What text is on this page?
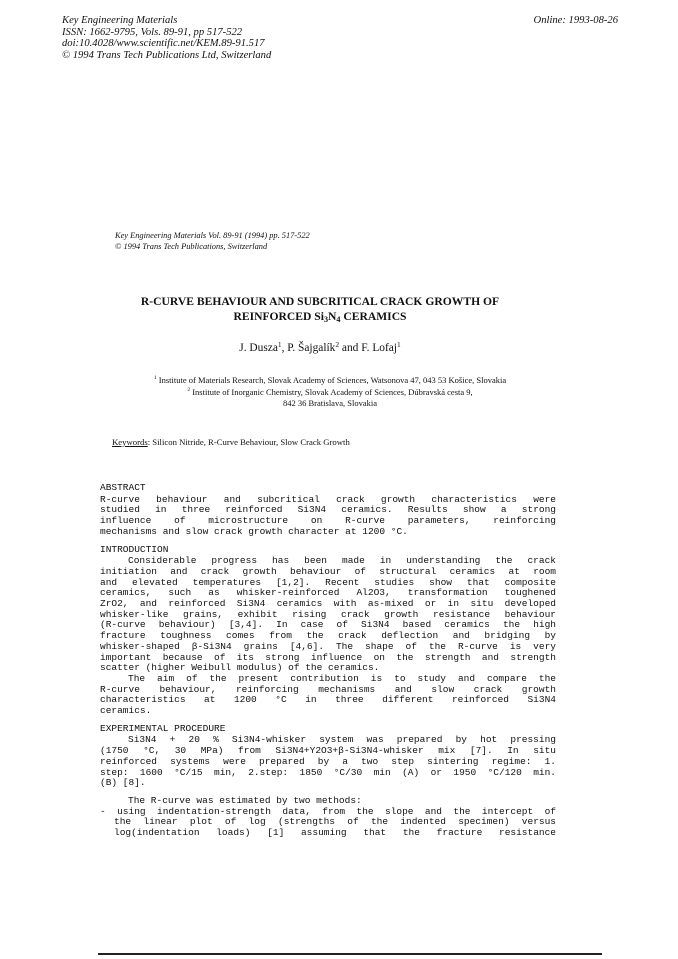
Key Engineering Materials
ISSN: 1662-9795, Vols. 89-91, pp 517-522
doi:10.4028/www.scientific.net/KEM.89-91.517
© 1994 Trans Tech Publications Ltd, Switzerland
Online: 1993-08-26
Key Engineering Materials Vol. 89-91 (1994) pp. 517-522
© 1994 Trans Tech Publications, Switzerland
R-CURVE BEHAVIOUR AND SUBCRITICAL CRACK GROWTH OF
REINFORCED $Si_3N_4$ CERAMICS
J. Dusza$^1$, P. Šajgalík$^2$ and F. Lofaj$^1$
$^1$ Institute of Materials Research, Slovak Academy of Sciences, Watsonova 47, 043 53 Košice, Slovakia
$^2$ Institute of Inorganic Chemistry, Slovak Academy of Sciences, Dúbravská cesta 9,
842 36 Bratislava, Slovakia
Keywords: Silicon Nitride, R-Curve Behaviour, Slow Crack Growth
ABSTRACT
R-curve behaviour and subcritical crack growth characteristics were
studied in three reinforced Si3N4 ceramics. Results show a strong
influence of microstructure on R-curve parameters, reinforcing
mechanisms and slow crack growth character at 1200 °C.
INTRODUCTION
Considerable progress has been made in understanding the crack
initiation and crack growth behaviour of structural ceramics at room
and elevated temperatures [1,2]. Recent studies show that composite
ceramics, such as whisker-reinforced Al2O3, transformation toughened
ZrO2, and reinforced Si3N4 ceramics with as-mixed or in situ developed
whisker-like grains, exhibit rising crack growth resistance behaviour
(R-curve behaviour) [3,4]. In case of Si3N4 based ceramics the high
fracture toughness comes from the crack deflection and bridging by
whisker-shaped β-Si3N4 grains [4,6]. The shape of the R-curve is very
important because of its strong influence on the strength and strength
scatter (higher Weibull modulus) of the ceramics.
The aim of the present contribution is to study and compare the
R-curve behaviour, reinforcing mechanisms and slow crack growth
characteristics at 1200 °C in three different reinforced Si3N4
ceramics.
EXPERIMENTAL PROCEDURE
Si3N4 + 20 % Si3N4-whisker system was prepared by hot pressing
(1750 °C, 30 MPa) from Si3N4+Y2O3+β-Si3N4-whisker mix [7]. In situ
reinforced systems were prepared by a two step sintering regime: 1.
step: 1600 °C/15 min, 2.step: 1850 °C/30 min (A) or 1950 °C/120 min.
(B) [8].
The R-curve was estimated by two methods:
- using indentation-strength data, from the slope and the intercept of
the linear plot of log (strengths of the indented specimen) versus
log(indentation loads) [1] assuming that the fracture resistance
